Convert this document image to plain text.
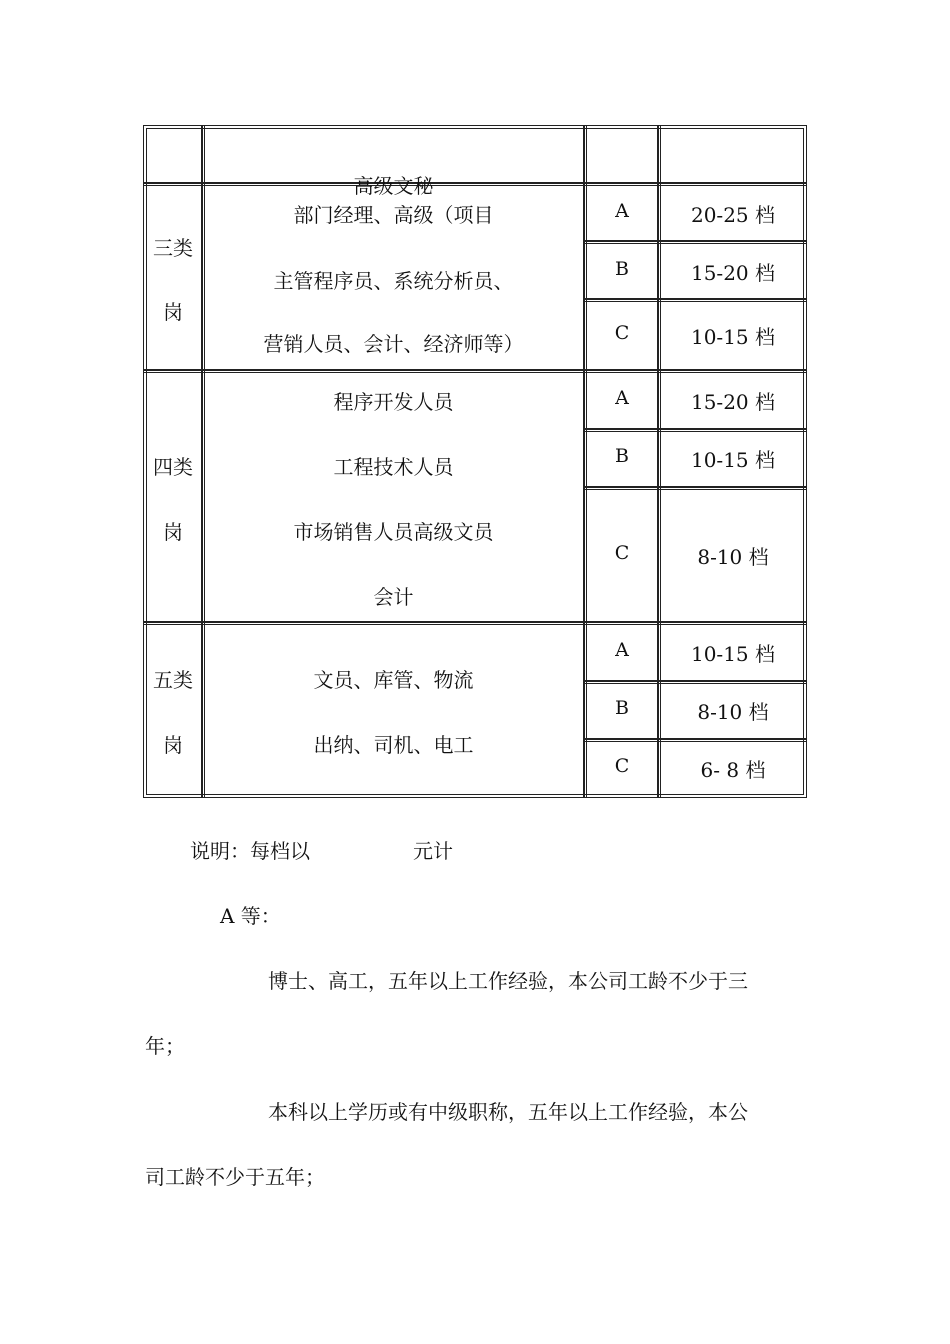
高级文秘
三类
岗
部门经理、高级（项目
主管程序员、系统分析员、
营销人员、会计、经济师等）
A	20-25 档
B	15-20 档
C	10-15 档
四类
岗
程序开发人员
工程技术人员
市场销售人员高级文员
会计
A	15-20 档
B	10-15 档
C	8-10 档
五类
岗
文员、库管、物流
出纳、司机、电工
A	10-15 档
B	8-10 档
C	6- 8 档
说明：每档以	元计
A 等：
博士、高工，五年以上工作经验，本公司工龄不少于三
年；
本科以上学历或有中级职称，五年以上工作经验，本公
司工龄不少于五年；
